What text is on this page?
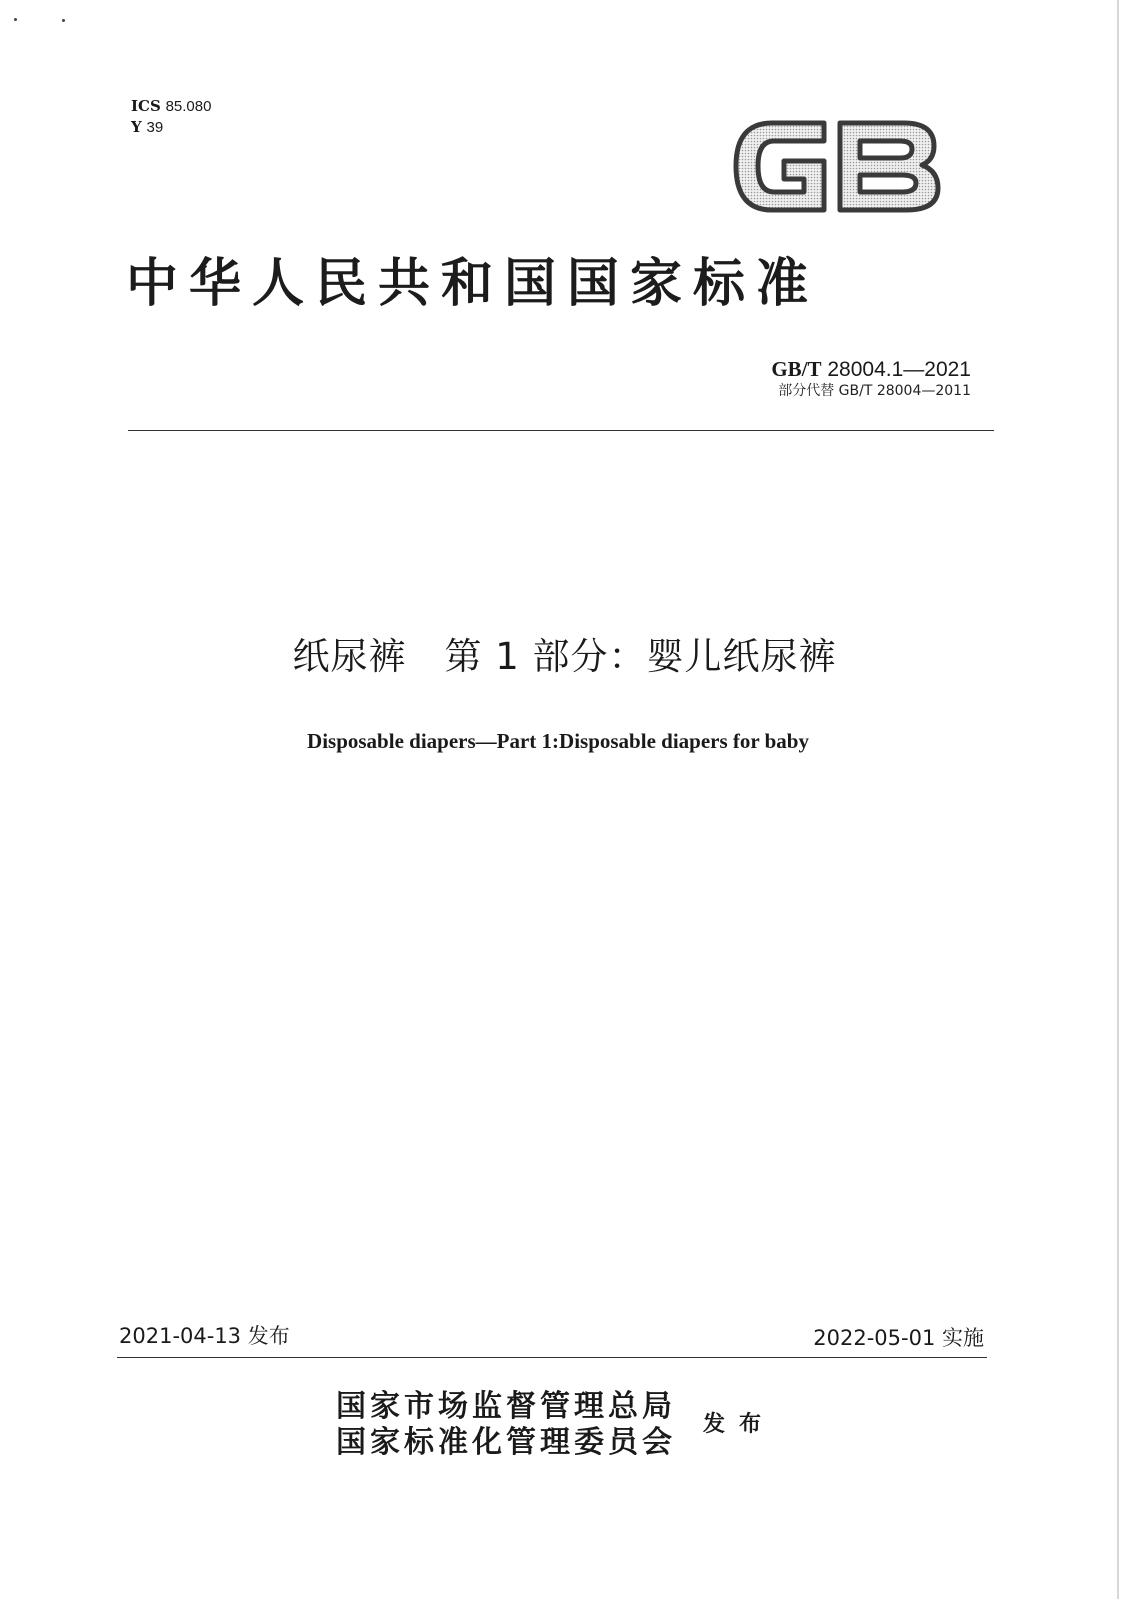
ICS 85.080
Y 39
中华人民共和国国家标准
GB/T 28004.1—2021
部分代替 GB/T 28004—2011
纸尿裤　第 1 部分：婴儿纸尿裤
Disposable diapers—Part 1:Disposable diapers for baby
2021-04-13 发布	2022-05-01 实施
国家市场监督管理总局
国家标准化管理委员会
发布
